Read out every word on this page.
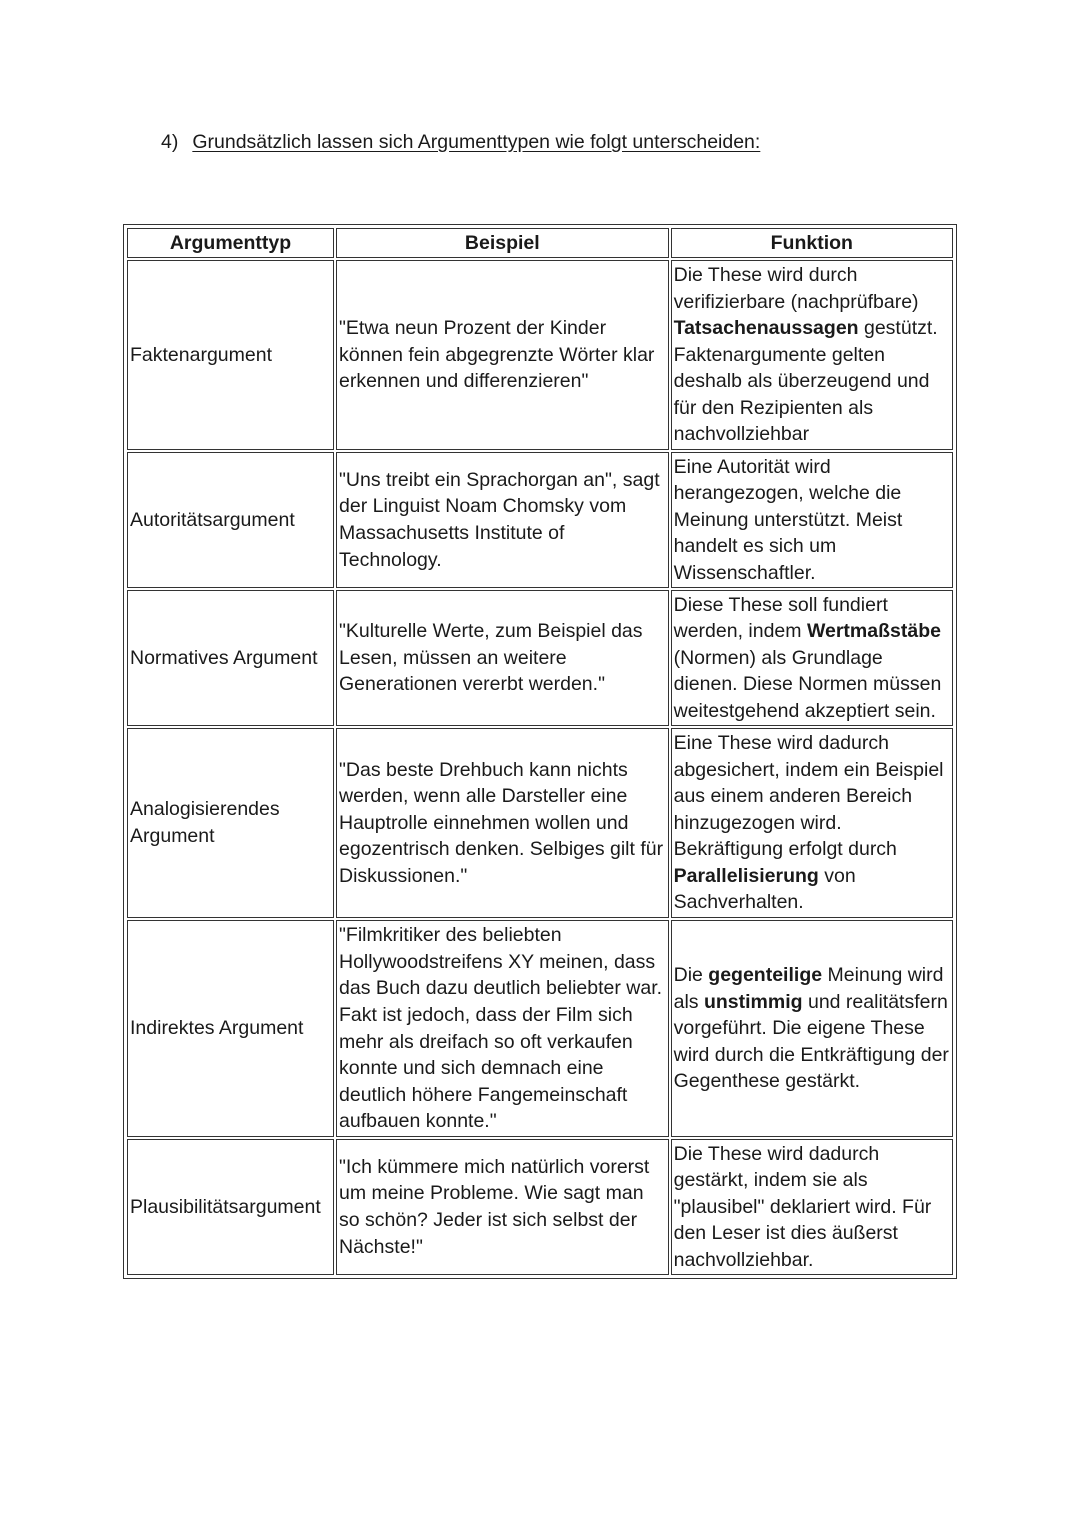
4) Grundsätzlich lassen sich Argumenttypen wie folgt unterscheiden:
Argumenttyp	Beispiel	Funktion
Faktenargument	"Etwa neun Prozent der Kinder können fein abgegrenzte Wörter klar erkennen und differenzieren"	Die These wird durch verifizierbare (nachprüfbare) Tatsachenaussagen gestützt. Faktenargumente gelten deshalb als überzeugend und für den Rezipienten als nachvollziehbar
Autoritätsargument	"Uns treibt ein Sprachorgan an", sagt der Linguist Noam Chomsky vom Massachusetts Institute of Technology.	Eine Autorität wird herangezogen, welche die Meinung unterstützt. Meist handelt es sich um Wissenschaftler.
Normatives Argument	"Kulturelle Werte, zum Beispiel das Lesen, müssen an weitere Generationen vererbt werden."	Diese These soll fundiert werden, indem Wertmaßstäbe (Normen) als Grundlage dienen. Diese Normen müssen weitestgehend akzeptiert sein.
Analogisierendes Argument	"Das beste Drehbuch kann nichts werden, wenn alle Darsteller eine Hauptrolle einnehmen wollen und egozentrisch denken. Selbiges gilt für Diskussionen."	Eine These wird dadurch abgesichert, indem ein Beispiel aus einem anderen Bereich hinzugezogen wird. Bekräftigung erfolgt durch Parallelisierung von Sachverhalten.
Indirektes Argument	"Filmkritiker des beliebten Hollywoodstreifens XY meinen, dass das Buch dazu deutlich beliebter war. Fakt ist jedoch, dass der Film sich mehr als dreifach so oft verkaufen konnte und sich demnach eine deutlich höhere Fangemeinschaft aufbauen konnte."	Die gegenteilige Meinung wird als unstimmig und realitätsfern vorgeführt. Die eigene These wird durch die Entkräftigung der Gegenthese gestärkt.
Plausibilitätsargument	"Ich kümmere mich natürlich vorerst um meine Probleme. Wie sagt man so schön? Jeder ist sich selbst der Nächste!"	Die These wird dadurch gestärkt, indem sie als "plausibel" deklariert wird. Für den Leser ist dies äußerst nachvollziehbar.
